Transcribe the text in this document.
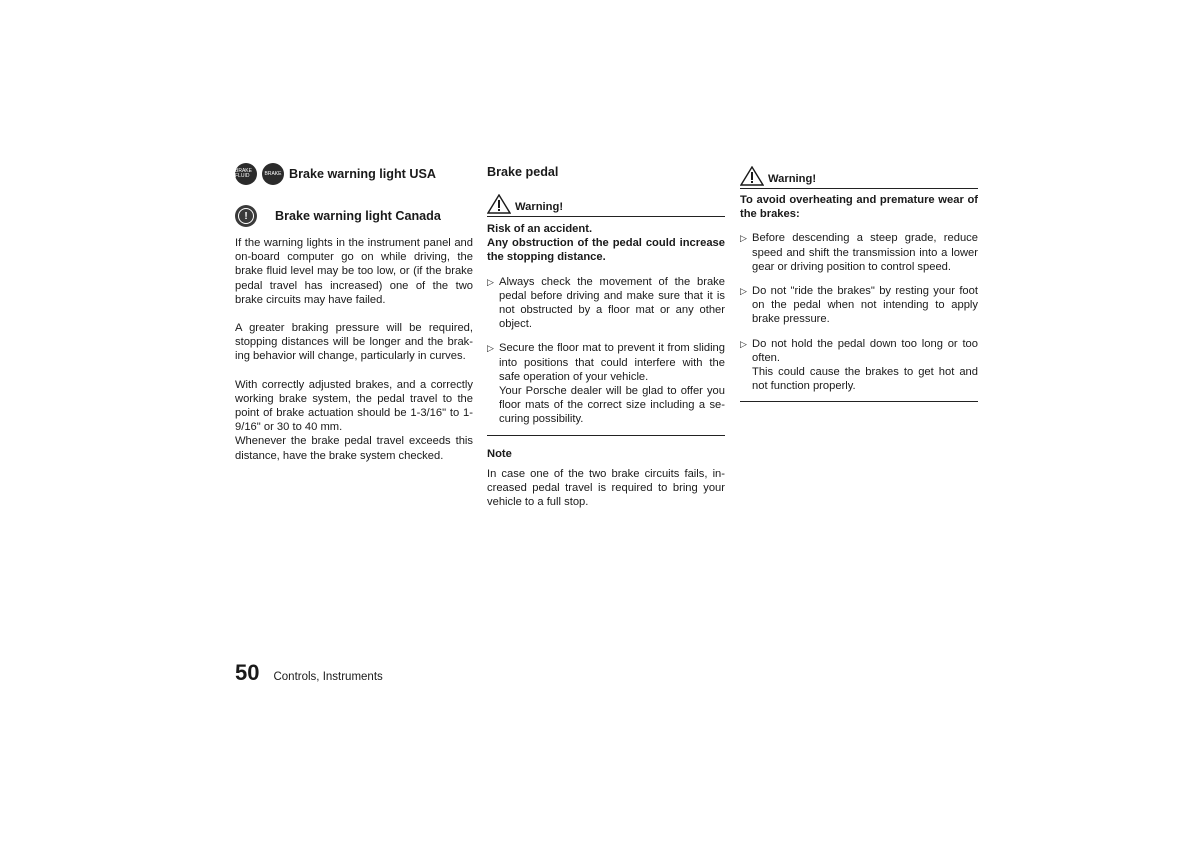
BRAKE FLUID	BRAKE Brake warning light USA
!	Brake warning light Canada

If the warning lights in the instrument panel and on-board computer go on while driving, the brake fluid level may be too low, or (if the brake pedal travel has increased) one of the two brake circuits may have failed.

A greater braking pressure will be required, stopping distances will be longer and the brak-ing behavior will change, particularly in curves.

With correctly adjusted brakes, and a correctly working brake system, the pedal travel to the point of brake actuation should be 1-3/16" to 1-9/16" or 30 to 40 mm.

Whenever the brake pedal travel exceeds this distance, have the brake system checked.

Brake pedal
Warning!
Risk of an accident.

Any obstruction of the pedal could increase the stopping distance.

▷ Always check the movement of the brake pedal before driving and make sure that it is not obstructed by a floor mat or any other object.
▷ Secure the floor mat to prevent it from sliding into positions that could interfere with the safe operation of your vehicle.
Your Porsche dealer will be glad to offer you floor mats of the correct size including a se-curing possibility.
Note

In case one of the two brake circuits fails, in-creased pedal travel is required to bring your vehicle to a full stop.

Warning!

To avoid overheating and premature wear of the brakes:

▷ Before descending a steep grade, reduce speed and shift the transmission into a lower gear or driving position to control speed.
▷ Do not "ride the brakes" by resting your foot on the pedal when not intending to apply brake pressure.
▷ Do not hold the pedal down too long or too often.
This could cause the brakes to get hot and not function properly.
50 Controls, Instruments
